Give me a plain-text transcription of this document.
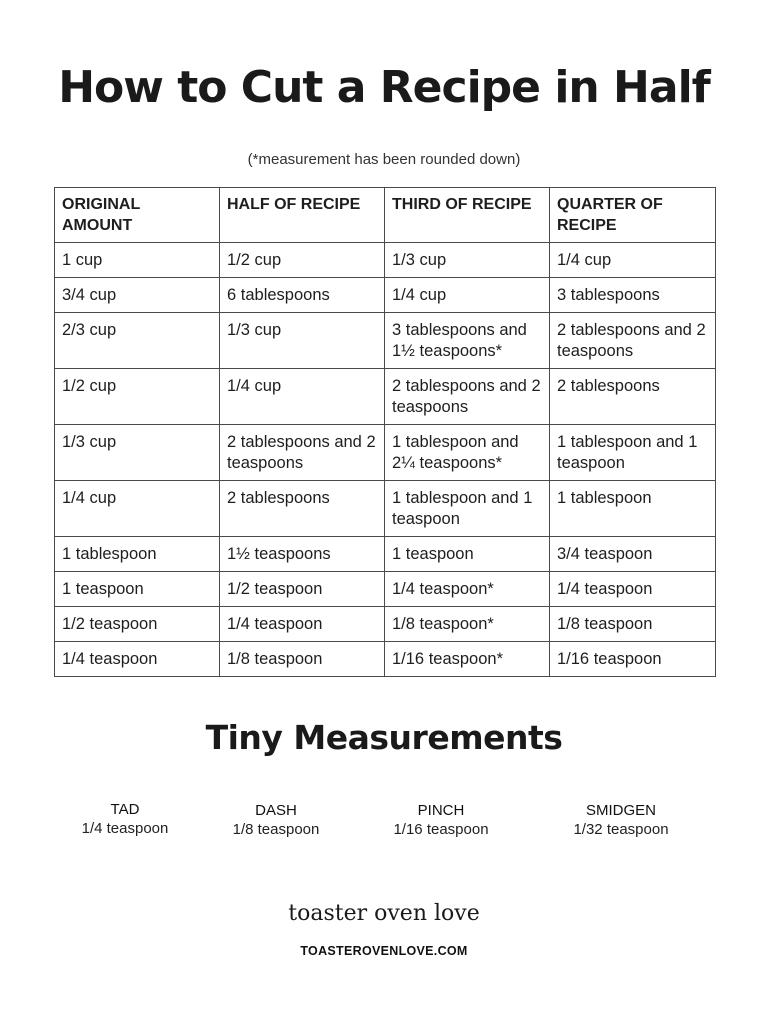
How to Cut a Recipe in Half
(*measurement has been rounded down)
ORIGINAL AMOUNT	HALF OF RECIPE	THIRD OF RECIPE	QUARTER OF RECIPE
1 cup	1/2 cup	1/3 cup	1/4 cup
3/4 cup	6 tablespoons	1/4 cup	3 tablespoons
2/3 cup	1/3 cup	3 tablespoons and 1½ teaspoons*	2 tablespoons and 2 teaspoons
1/2 cup	1/4 cup	2 tablespoons and 2 teaspoons	2 tablespoons
1/3 cup	2 tablespoons and 2 teaspoons	1 tablespoon and 2¼ teaspoons*	1 tablespoon and 1 teaspoon
1/4 cup	2 tablespoons	1 tablespoon and 1 teaspoon	1 tablespoon
1 tablespoon	1½ teaspoons	1 teaspoon	3/4 teaspoon
1 teaspoon	1/2 teaspoon	1/4 teaspoon*	1/4 teaspoon
1/2 teaspoon	1/4 teaspoon	1/8 teaspoon*	1/8 teaspoon
1/4 teaspoon	1/8 teaspoon	1/16 teaspoon*	1/16 teaspoon
Tiny Measurements
TAD
1/4 teaspoon
DASH
1/8 teaspoon
PINCH
1/16 teaspoon
SMIDGEN
1/32 teaspoon
toaster oven love
TOASTEROVENLOVE.COM
